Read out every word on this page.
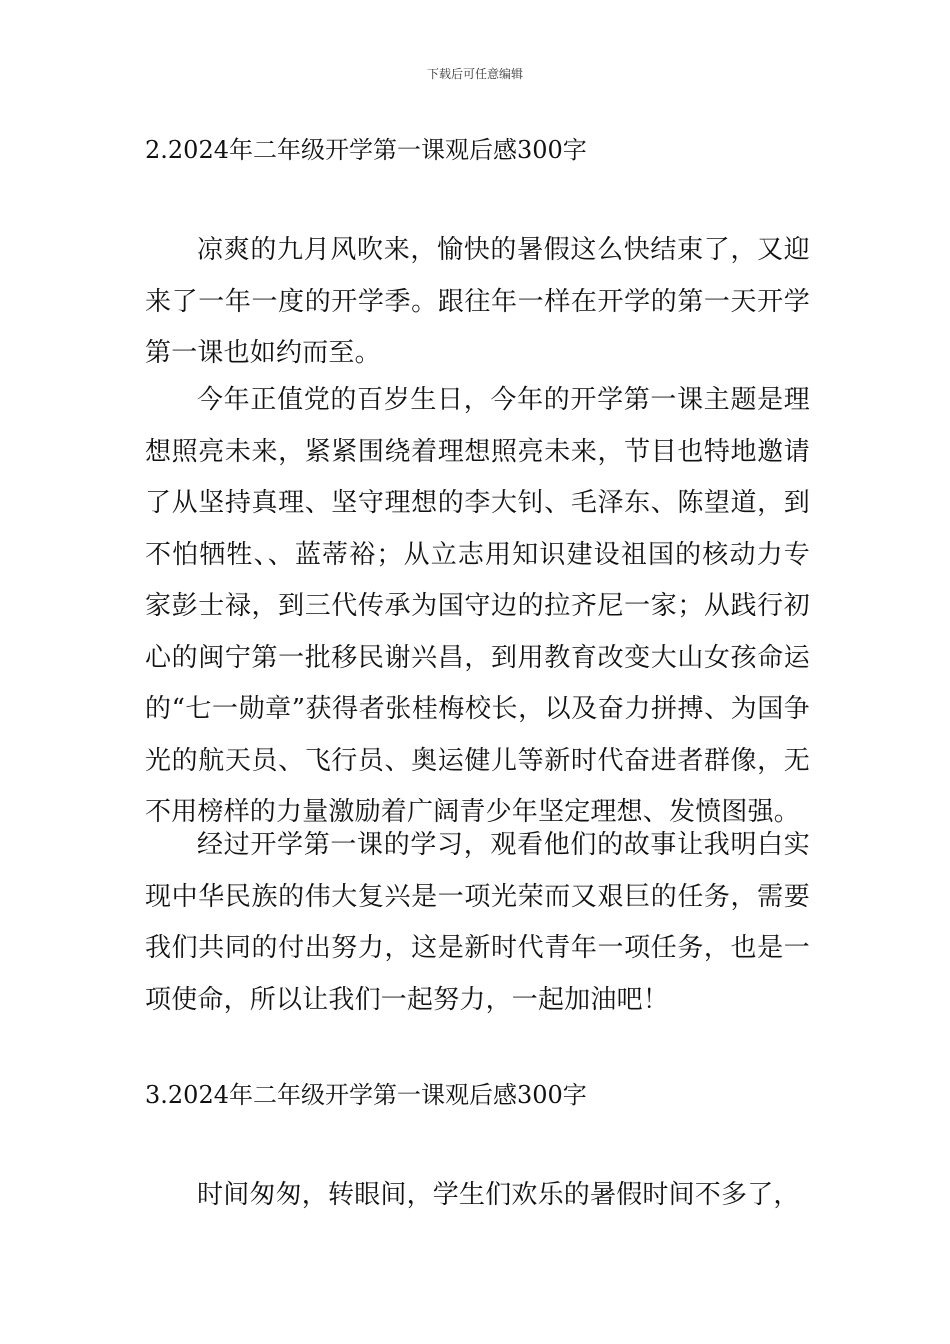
下载后可任意编辑
2.2024年二年级开学第一课观后感300字
凉爽的九月风吹来，愉快的暑假这么快结束了，又迎来了一年一度的开学季。跟往年一样在开学的第一天开学第一课也如约而至。
今年正值党的百岁生日，今年的开学第一课主题是理想照亮未来，紧紧围绕着理想照亮未来，节目也特地邀请了从坚持真理、坚守理想的李大钊、毛泽东、陈望道，到不怕牺牲、、蓝蒂裕；从立志用知识建设祖国的核动力专家彭士禄，到三代传承为国守边的拉齐尼一家；从践行初心的闽宁第一批移民谢兴昌，到用教育改变大山女孩命运的“七一勋章”获得者张桂梅校长，以及奋力拼搏、为国争光的航天员、飞行员、奥运健儿等新时代奋进者群像，无不用榜样的力量激励着广阔青少年坚定理想、发愤图强。
经过开学第一课的学习，观看他们的故事让我明白实现中华民族的伟大复兴是一项光荣而又艰巨的任务，需要我们共同的付出努力，这是新时代青年一项任务，也是一项使命，所以让我们一起努力，一起加油吧！
3.2024年二年级开学第一课观后感300字
时间匆匆，转眼间，学生们欢乐的暑假时间不多了，
